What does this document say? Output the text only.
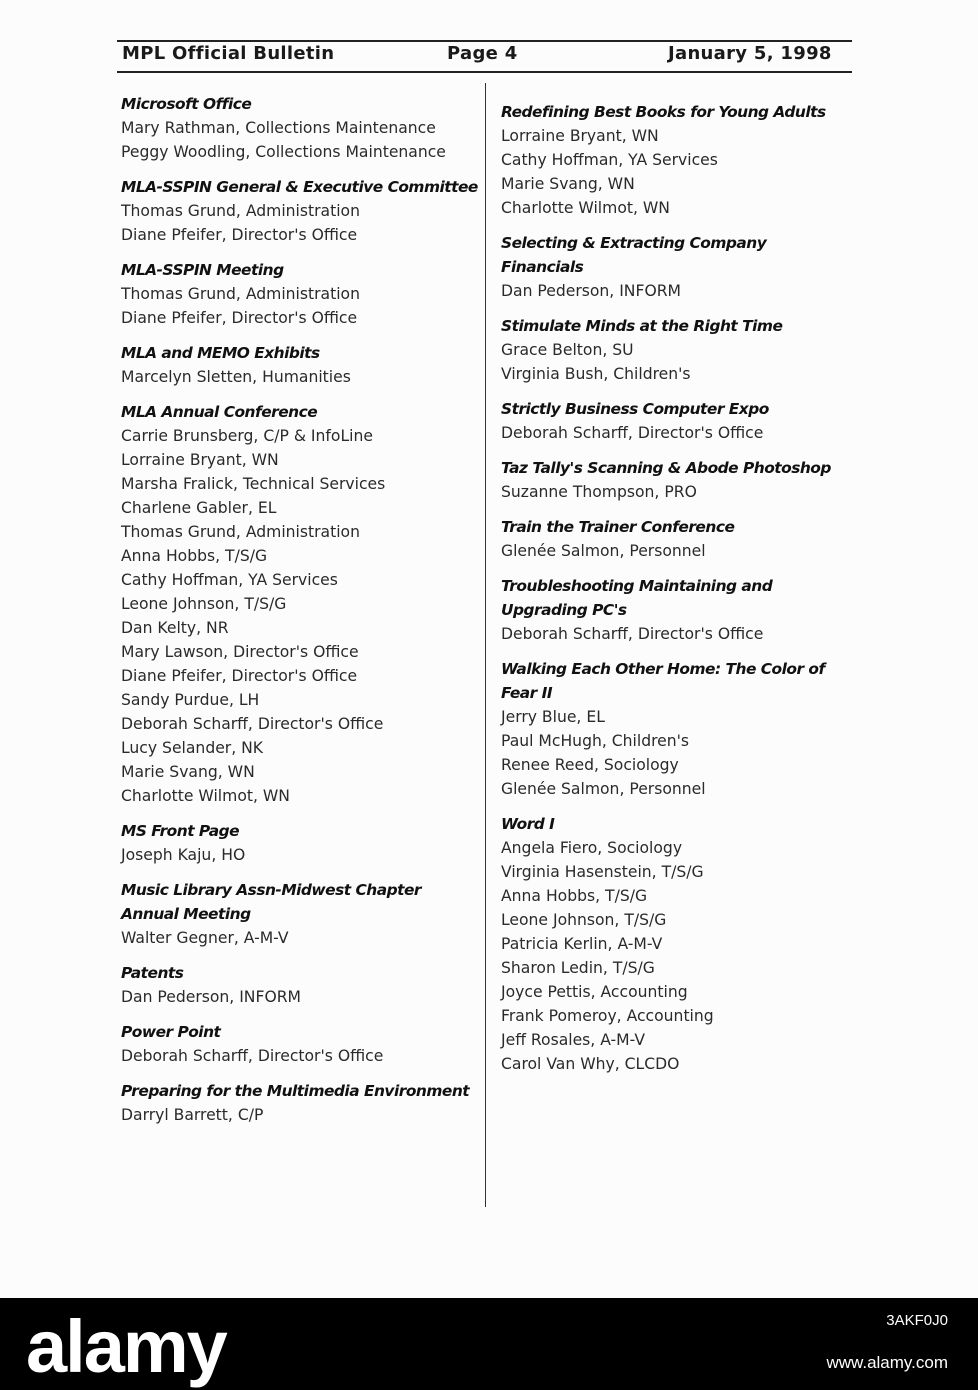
MPL Official Bulletin	Page 4	January 5, 1998
Microsoft Office
Mary Rathman, Collections Maintenance
Peggy Woodling, Collections Maintenance
MLA-SSPIN General & Executive Committee
Thomas Grund, Administration
Diane Pfeifer, Director's Office
MLA-SSPIN Meeting
Thomas Grund, Administration
Diane Pfeifer, Director's Office
MLA and MEMO Exhibits
Marcelyn Sletten, Humanities
MLA Annual Conference
Carrie Brunsberg, C/P & InfoLine
Lorraine Bryant, WN
Marsha Fralick, Technical Services
Charlene Gabler, EL
Thomas Grund, Administration
Anna Hobbs, T/S/G
Cathy Hoffman, YA Services
Leone Johnson, T/S/G
Dan Kelty, NR
Mary Lawson, Director's Office
Diane Pfeifer, Director's Office
Sandy Purdue, LH
Deborah Scharff, Director's Office
Lucy Selander, NK
Marie Svang, WN
Charlotte Wilmot, WN
MS Front Page
Joseph Kaju, HO
Music Library Assn-Midwest Chapter Annual Meeting
Walter Gegner, A-M-V
Patents
Dan Pederson, INFORM
Power Point
Deborah Scharff, Director's Office
Preparing for the Multimedia Environment
Darryl Barrett, C/P
Redefining Best Books for Young Adults
Lorraine Bryant, WN
Cathy Hoffman, YA Services
Marie Svang, WN
Charlotte Wilmot, WN
Selecting & Extracting Company Financials
Dan Pederson, INFORM
Stimulate Minds at the Right Time
Grace Belton, SU
Virginia Bush, Children's
Strictly Business Computer Expo
Deborah Scharff, Director's Office
Taz Tally's Scanning & Abode Photoshop
Suzanne Thompson, PRO
Train the Trainer Conference
Glenée Salmon, Personnel
Troubleshooting Maintaining and Upgrading PC's
Deborah Scharff, Director's Office
Walking Each Other Home: The Color of Fear II
Jerry Blue, EL
Paul McHugh, Children's
Renee Reed, Sociology
Glenée Salmon, Personnel
Word I
Angela Fiero, Sociology
Virginia Hasenstein, T/S/G
Anna Hobbs, T/S/G
Leone Johnson, T/S/G
Patricia Kerlin, A-M-V
Sharon Ledin, T/S/G
Joyce Pettis, Accounting
Frank Pomeroy, Accounting
Jeff Rosales, A-M-V
Carol Van Why, CLCDO
alamy	3AKF0J0
www.alamy.com
